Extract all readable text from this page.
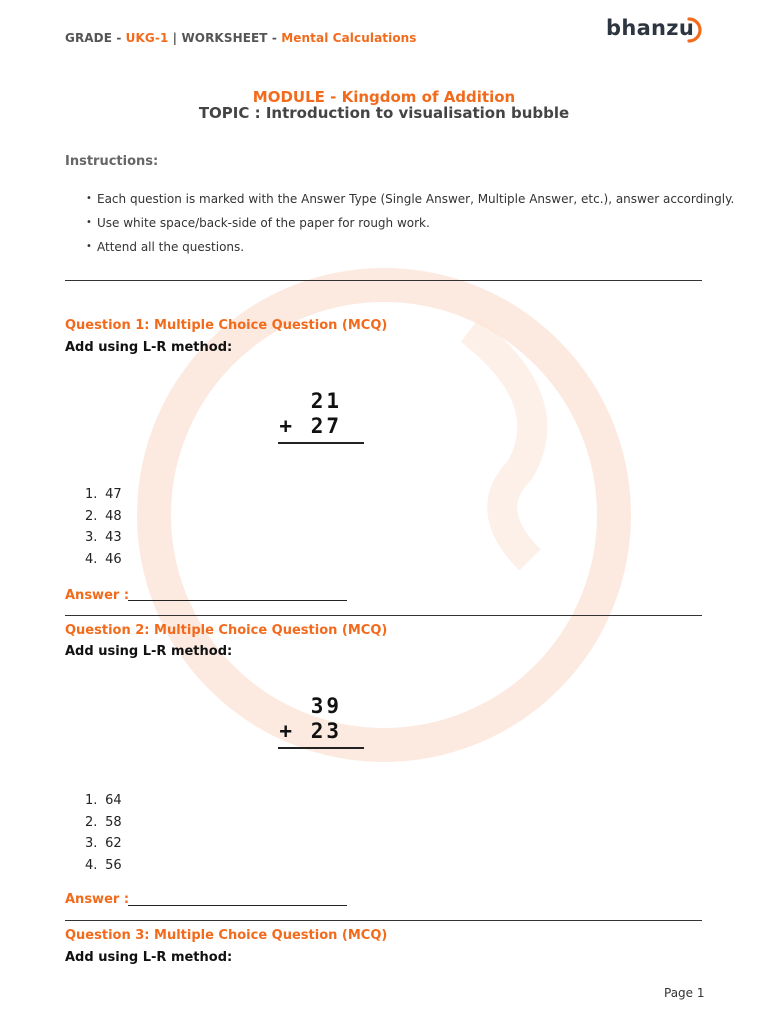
GRADE - UKG-1 | WORKSHEET - Mental Calculations	bhanzu
MODULE - Kingdom of Addition
TOPIC : Introduction to visualisation bubble
Instructions:
• Each question is marked with the Answer Type (Single Answer, Multiple Answer, etc.), answer accordingly.
• Use white space/back-side of the paper for rough work.
• Attend all the questions.
Question 1: Multiple Choice Question (MCQ)
Add using L-R method:
21
+ 27
1. 47
2. 48
3. 43
4. 46
Answer :
Question 2: Multiple Choice Question (MCQ)
Add using L-R method:
39
+ 23
1. 64
2. 58
3. 62
4. 56
Answer :
Question 3: Multiple Choice Question (MCQ)
Add using L-R method:
Page 1
